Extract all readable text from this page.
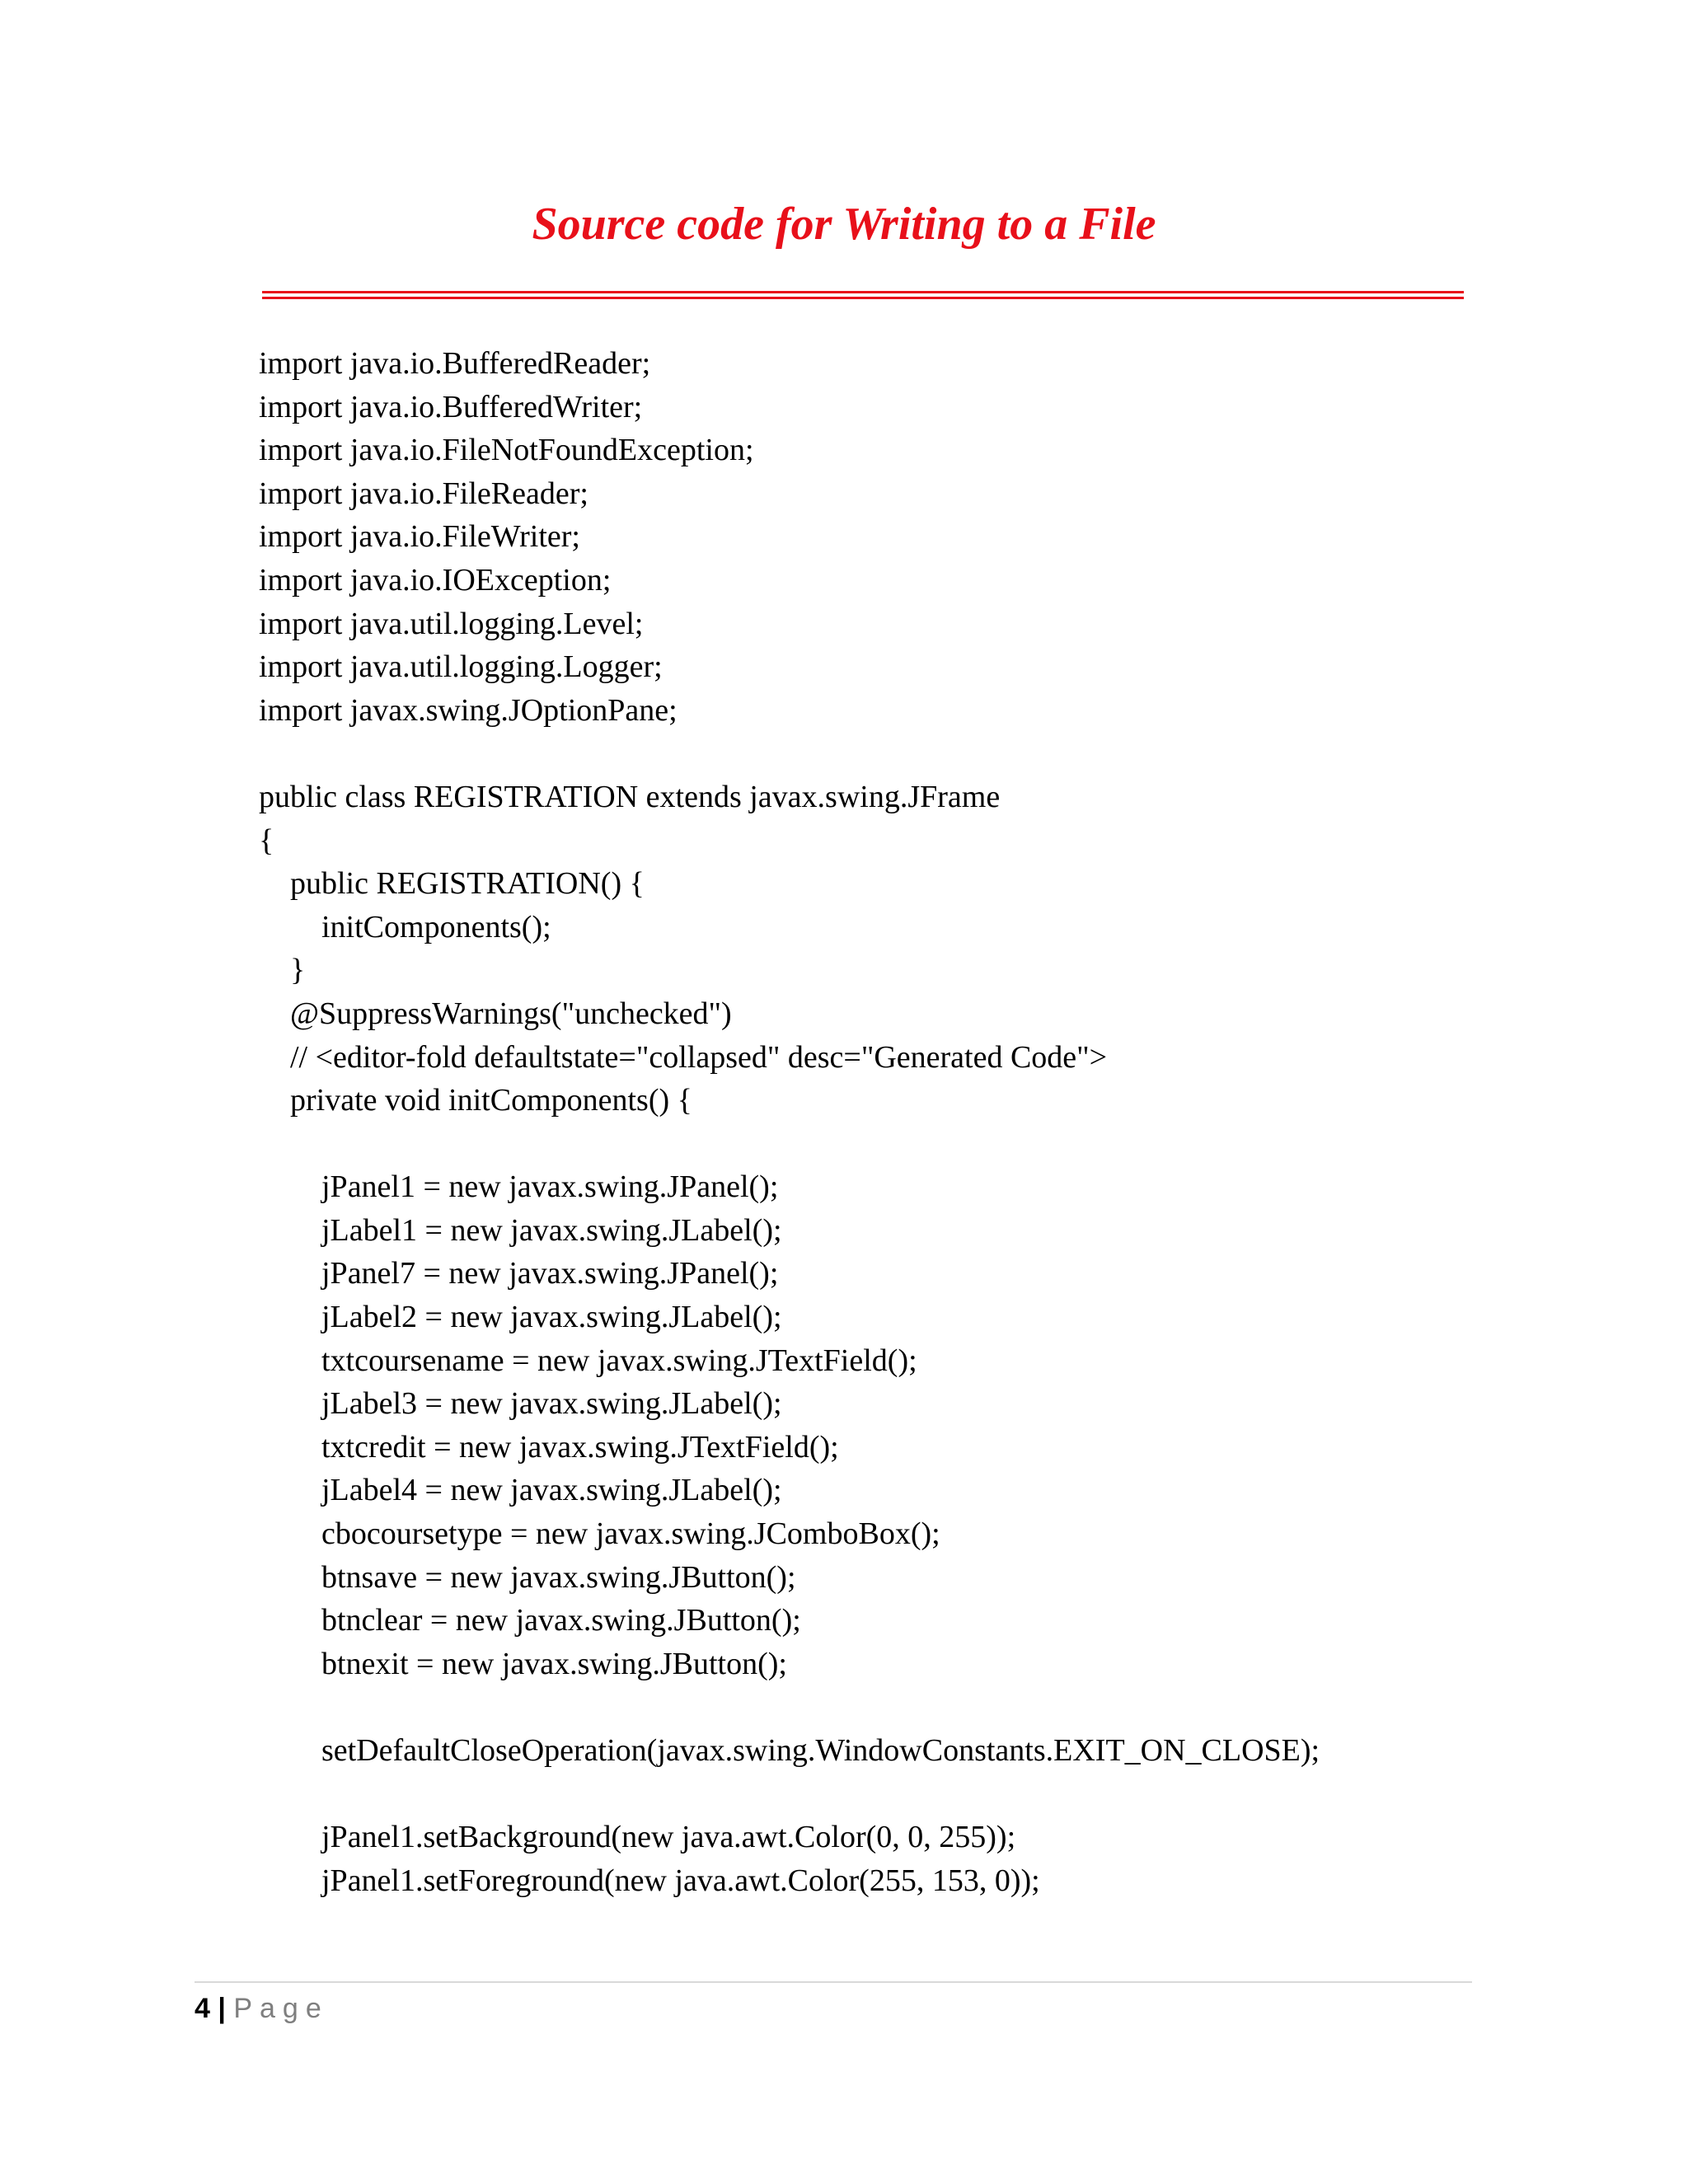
Source code for Writing to a File
import java.io.BufferedReader;
import java.io.BufferedWriter;
import java.io.FileNotFoundException;
import java.io.FileReader;
import java.io.FileWriter;
import java.io.IOException;
import java.util.logging.Level;
import java.util.logging.Logger;
import javax.swing.JOptionPane;
public class REGISTRATION extends javax.swing.JFrame
{
public REGISTRATION() {
initComponents();
}
@SuppressWarnings("unchecked")
// <editor-fold defaultstate="collapsed" desc="Generated Code">
private void initComponents() {
jPanel1 = new javax.swing.JPanel();
jLabel1 = new javax.swing.JLabel();
jPanel7 = new javax.swing.JPanel();
jLabel2 = new javax.swing.JLabel();
txtcoursename = new javax.swing.JTextField();
jLabel3 = new javax.swing.JLabel();
txtcredit = new javax.swing.JTextField();
jLabel4 = new javax.swing.JLabel();
cbocoursetype = new javax.swing.JComboBox();
btnsave = new javax.swing.JButton();
btnclear = new javax.swing.JButton();
btnexit = new javax.swing.JButton();
setDefaultCloseOperation(javax.swing.WindowConstants.EXIT_ON_CLOSE);
jPanel1.setBackground(new java.awt.Color(0, 0, 255));
jPanel1.setForeground(new java.awt.Color(255, 153, 0));
4 | Page
